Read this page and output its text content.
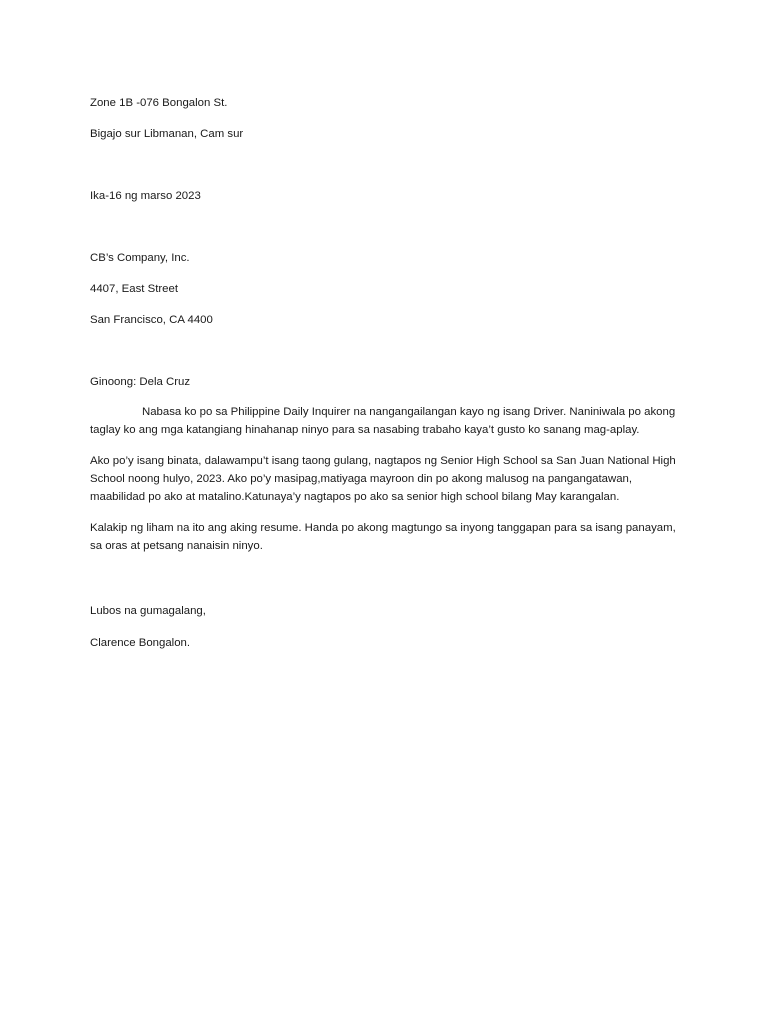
Zone 1B -076 Bongalon St.
Bigajo sur Libmanan, Cam sur
Ika-16 ng marso 2023
CB’s Company, Inc.
4407, East Street
San Francisco, CA 4400
Ginoong: Dela Cruz
Nabasa ko po sa Philippine Daily Inquirer na nangangailangan kayo ng isang Driver. Naniniwala po akong
taglay ko ang mga katangiang hinahanap ninyo para sa nasabing trabaho kaya’t gusto ko sanang mag-aplay.
Ako po’y isang binata, dalawampu’t isang taong gulang, nagtapos ng Senior High School sa San Juan National High
School noong hulyo, 2023. Ako po’y masipag,matiyaga mayroon din po akong malusog na pangangatawan,
maabilidad po ako at matalino.Katunaya’y nagtapos po ako sa senior high school bilang May karangalan.
Kalakip ng liham na ito ang aking resume. Handa po akong magtungo sa inyong tanggapan para sa isang panayam,
sa oras at petsang nanaisin ninyo.
Lubos na gumagalang,
Clarence Bongalon.
